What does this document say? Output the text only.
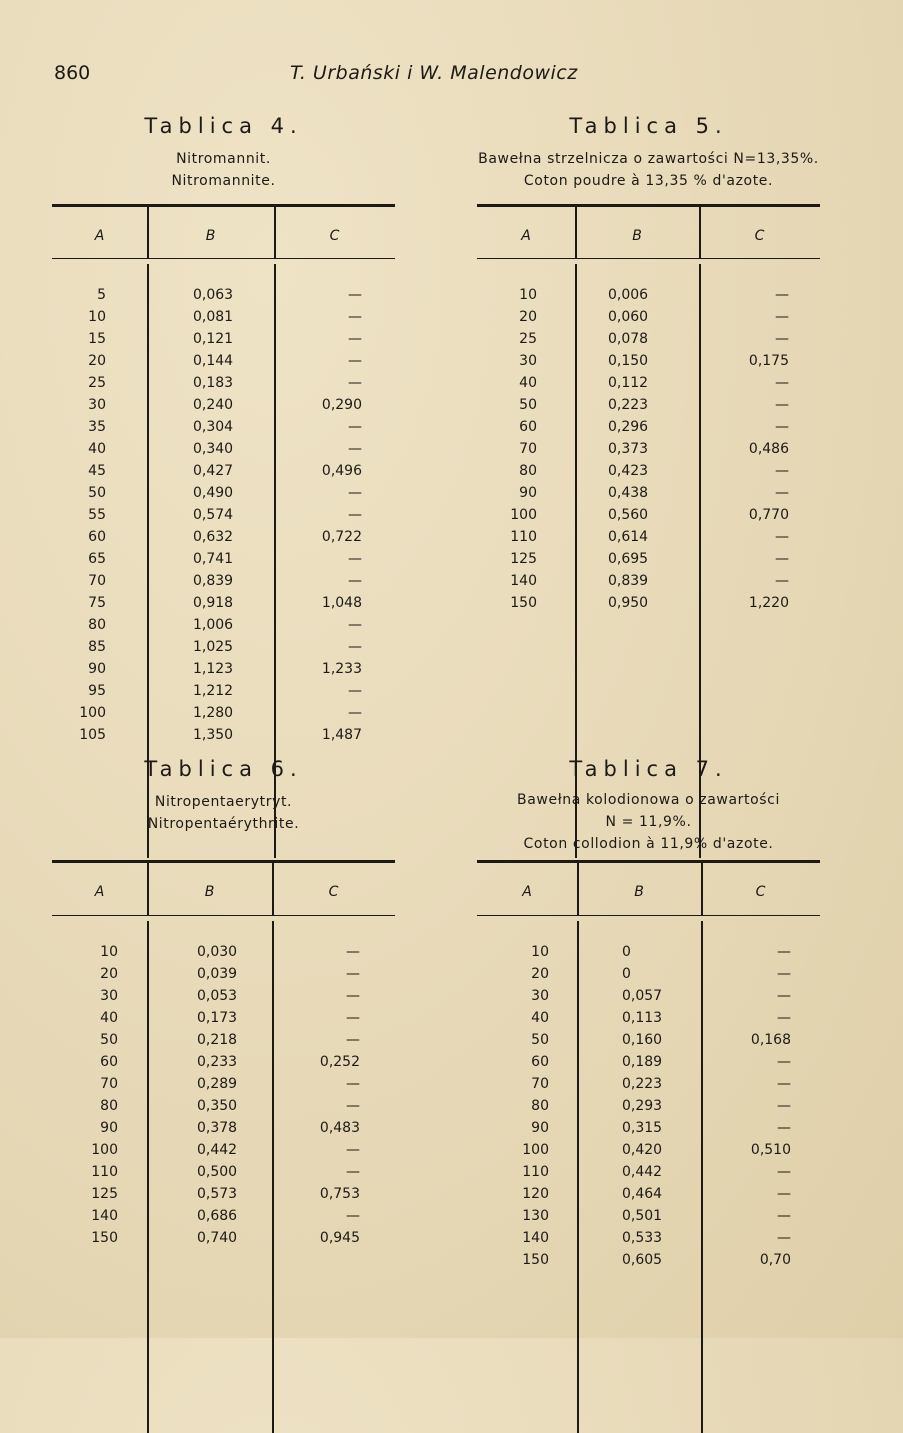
860	T. Urbański i W. Malendowicz
Tablica 4.
Nitromannit.
Nitromannite.
A	B	C
5	0,063	—
10	0,081	—
15	0,121	—
20	0,144	—
25	0,183	—
30	0,240	0,290
35	0,304	—
40	0,340	—
45	0,427	0,496
50	0,490	—
55	0,574	—
60	0,632	0,722
65	0,741	—
70	0,839	—
75	0,918	1,048
80	1,006	—
85	1,025	—
90	1,123	1,233
95	1,212	—
100	1,280	—
105	1,350	1,487
Tablica 5.
Bawełna strzelnicza o zawartości N=13,35%.
Coton poudre à 13,35 % d'azote.
A	B	C
10	0,006	—
20	0,060	—
25	0,078	—
30	0,150	0,175
40	0,112	—
50	0,223	—
60	0,296	—
70	0,373	0,486
80	0,423	—
90	0,438	—
100	0,560	0,770
110	0,614	—
125	0,695	—
140	0,839	—
150	0,950	1,220
Tablica 6.
Nitropentaerytryt.
Nitropentaérythrite.
A	B	C
10	0,030	—
20	0,039	—
30	0,053	—
40	0,173	—
50	0,218	—
60	0,233	0,252
70	0,289	—
80	0,350	—
90	0,378	0,483
100	0,442	—
110	0,500	—
125	0,573	0,753
140	0,686	—
150	0,740	0,945
Tablica 7.
Bawełna kolodionowa o zawartości
N = 11,9%.
Coton collodion à 11,9% d'azote.
A	B	C
10	0	—
20	0	—
30	0,057	—
40	0,113	—
50	0,160	0,168
60	0,189	—
70	0,223	—
80	0,293	—
90	0,315	—
100	0,420	0,510
110	0,442	—
120	0,464	—
130	0,501	—
140	0,533	—
150	0,605	0,70
